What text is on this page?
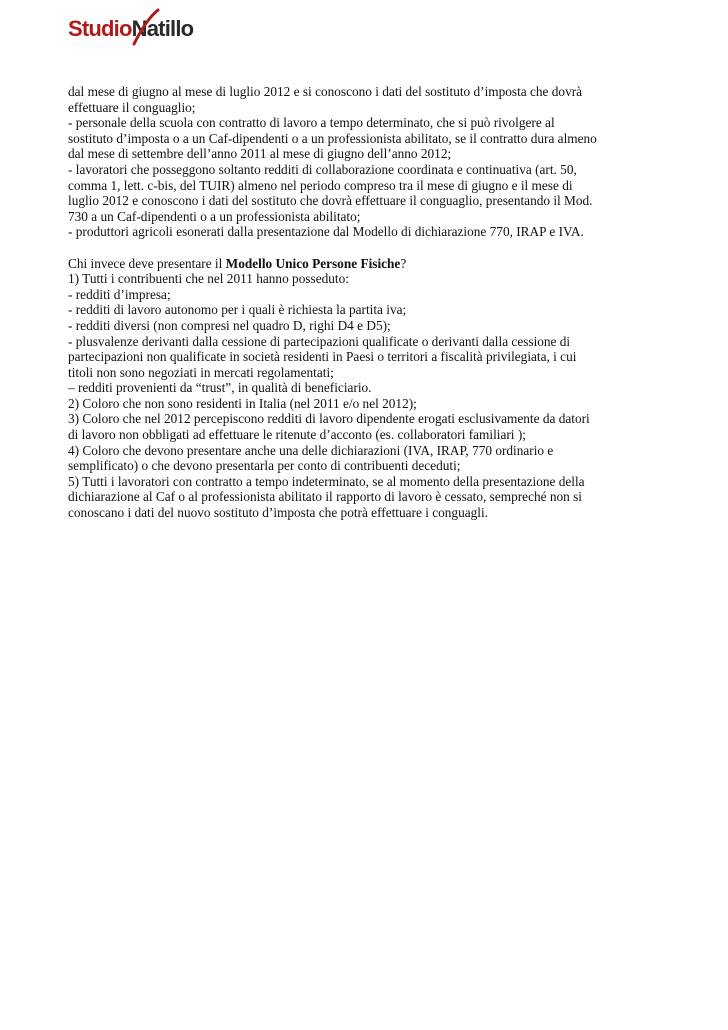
StudioNatillo
dal mese di giugno al mese di luglio 2012 e si conoscono i dati del sostituto d’imposta che dovrà
effettuare il conguaglio;
- personale della scuola con contratto di lavoro a tempo determinato, che si può rivolgere al
sostituto d’imposta o a un Caf-dipendenti o a un professionista abilitato, se il contratto dura almeno
dal mese di settembre dell’anno 2011 al mese di giugno dell’anno 2012;
- lavoratori che posseggono soltanto redditi di collaborazione coordinata e continuativa (art. 50,
comma 1, lett. c-bis, del TUIR) almeno nel periodo compreso tra il mese di giugno e il mese di
luglio 2012 e conoscono i dati del sostituto che dovrà effettuare il conguaglio, presentando il Mod.
730 a un Caf-dipendenti o a un professionista abilitato;
- produttori agricoli esonerati dalla presentazione dal Modello di dichiarazione 770, IRAP e IVA.
Chi invece deve presentare il Modello Unico Persone Fisiche?
1) Tutti i contribuenti che nel 2011 hanno posseduto:
- redditi d’impresa;
- redditi di lavoro autonomo per i quali è richiesta la partita iva;
- redditi diversi (non compresi nel quadro D, righi D4 e D5);
- plusvalenze derivanti dalla cessione di partecipazioni qualificate o derivanti dalla cessione di
partecipazioni non qualificate in società residenti in Paesi o territori a fiscalità privilegiata, i cui
titoli non sono negoziati in mercati regolamentati;
– redditi provenienti da “trust”, in qualità di beneficiario.
2) Coloro che non sono residenti in Italia (nel 2011 e/o nel 2012);
3) Coloro che nel 2012 percepiscono redditi di lavoro dipendente erogati esclusivamente da datori
di lavoro non obbligati ad effettuare le ritenute d’acconto (es. collaboratori familiari );
4) Coloro che devono presentare anche una delle dichiarazioni (IVA, IRAP, 770 ordinario e
semplificato) o che devono presentarla per conto di contribuenti deceduti;
5) Tutti i lavoratori con contratto a tempo indeterminato, se al momento della presentazione della
dichiarazione al Caf o al professionista abilitato il rapporto di lavoro è cessato, sempreché non si
conoscano i dati del nuovo sostituto d’imposta che potrà effettuare i conguagli.
